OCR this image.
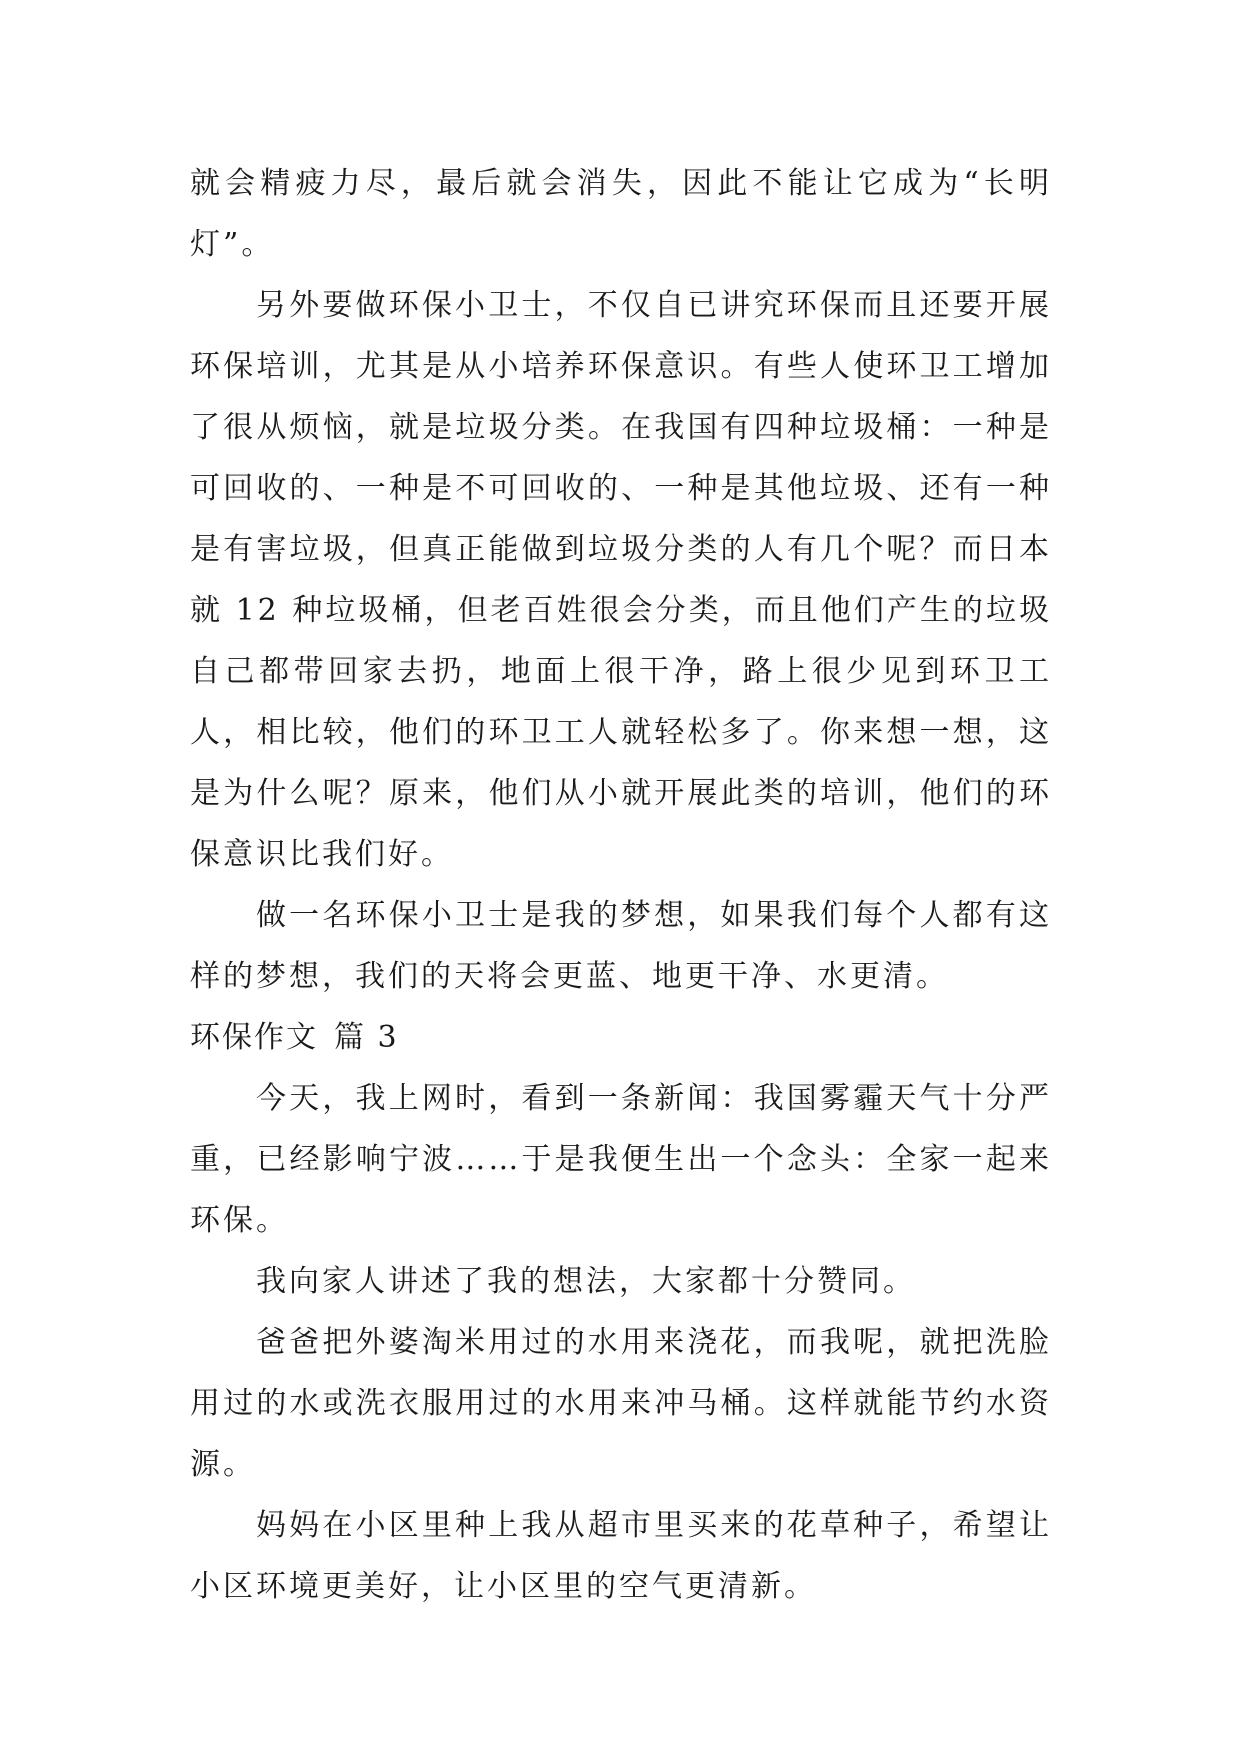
就会精疲力尽，最后就会消失，因此不能让它成为“长明灯”。

另外要做环保小卫士，不仅自已讲究环保而且还要开展环保培训，尤其是从小培养环保意识。有些人使环卫工增加了很从烦恼，就是垃圾分类。在我国有四种垃圾桶：一种是可回收的、一种是不可回收的、一种是其他垃圾、还有一种是有害垃圾，但真正能做到垃圾分类的人有几个呢？而日本就 12 种垃圾桶，但老百姓很会分类，而且他们产生的垃圾自己都带回家去扔，地面上很干净，路上很少见到环卫工人，相比较，他们的环卫工人就轻松多了。你来想一想，这是为什么呢？原来，他们从小就开展此类的培训，他们的环保意识比我们好。

做一名环保小卫士是我的梦想，如果我们每个人都有这样的梦想，我们的天将会更蓝、地更干净、水更清。

环保作文 篇 3

今天，我上网时，看到一条新闻：我国雾霾天气十分严重，已经影响宁波……于是我便生出一个念头：全家一起来环保。

我向家人讲述了我的想法，大家都十分赞同。

爸爸把外婆淘米用过的水用来浇花，而我呢，就把洗脸用过的水或洗衣服用过的水用来冲马桶。这样就能节约水资源。

妈妈在小区里种上我从超市里买来的花草种子，希望让小区环境更美好，让小区里的空气更清新。
